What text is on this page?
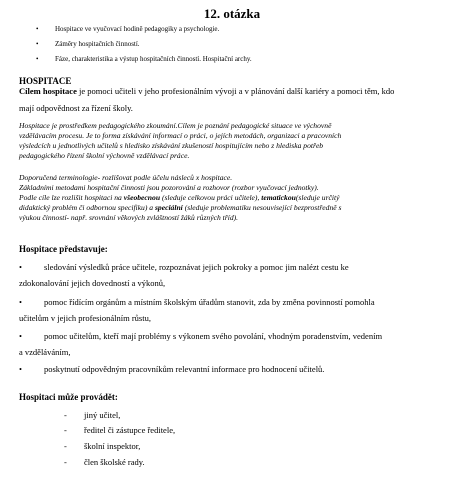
12. otázka
• Hospitace ve vyučovací hodině pedagogiky a psychologie.
• Záměry hospitačních činností.
• Fáze, charakteristika a výstup hospitačních činností. Hospitační archy.
HOSPITACE
Cílem hospitace je pomoci učiteli v jeho profesionálním vývoji a v plánování další kariéry a pomoci těm, kdo
mají odpovědnost za řízení školy.
Hospitace je prostředkem pedagogického zkoumání.Cílem je poznání pedagogické situace ve výchovně
vzdělávacím procesu. Je to forma získávání informací o práci, o jejích metodách, organizaci a pracovních
výsledcích u jednotlivých učitelů s hledisko získávání zkušeností hospitujícím nebo z hlediska potřeb
pedagogického řízení školní výchovně vzdělávací práce.
Doporučená terminologie- rozlišovat podle účelu násleců x hospitace.
Základními metodami hospitační činnosti jsou pozorování a rozhovor (rozbor vyučovací jednotky).
Podle cíle lze rozlišit hospitaci na všeobecnou (sleduje celkovou práci učitele), tematickou(sleduje určitý
didaktický problém či odbornou specifiku) a speciální (sleduje problematiku nesouvisející bezprostředně s
výukou činností- např. srovnání věkových zvláštností žáků různých tříd).
Hospitace představuje:
•	sledování výsledků práce učitele, rozpoznávat jejich pokroky a pomoc jim nalézt cestu ke
zdokonalování jejich dovedností a výkonů,
•	pomoc řídícím orgánům a místním školským úřadům stanovit, zda by změna povinností pomohla
učitelům v jejich profesionálním růstu,
•	pomoc učitelům, kteří mají problémy s výkonem svého povolání, vhodným poradenstvím, vedením
a vzděláváním,
•	poskytnutí odpovědným pracovníkům relevantní informace pro hodnocení učitelů.
Hospitaci může provádět:
- jiný učitel,
- ředitel či zástupce ředitele,
- školní inspektor,
- člen školské rady.
